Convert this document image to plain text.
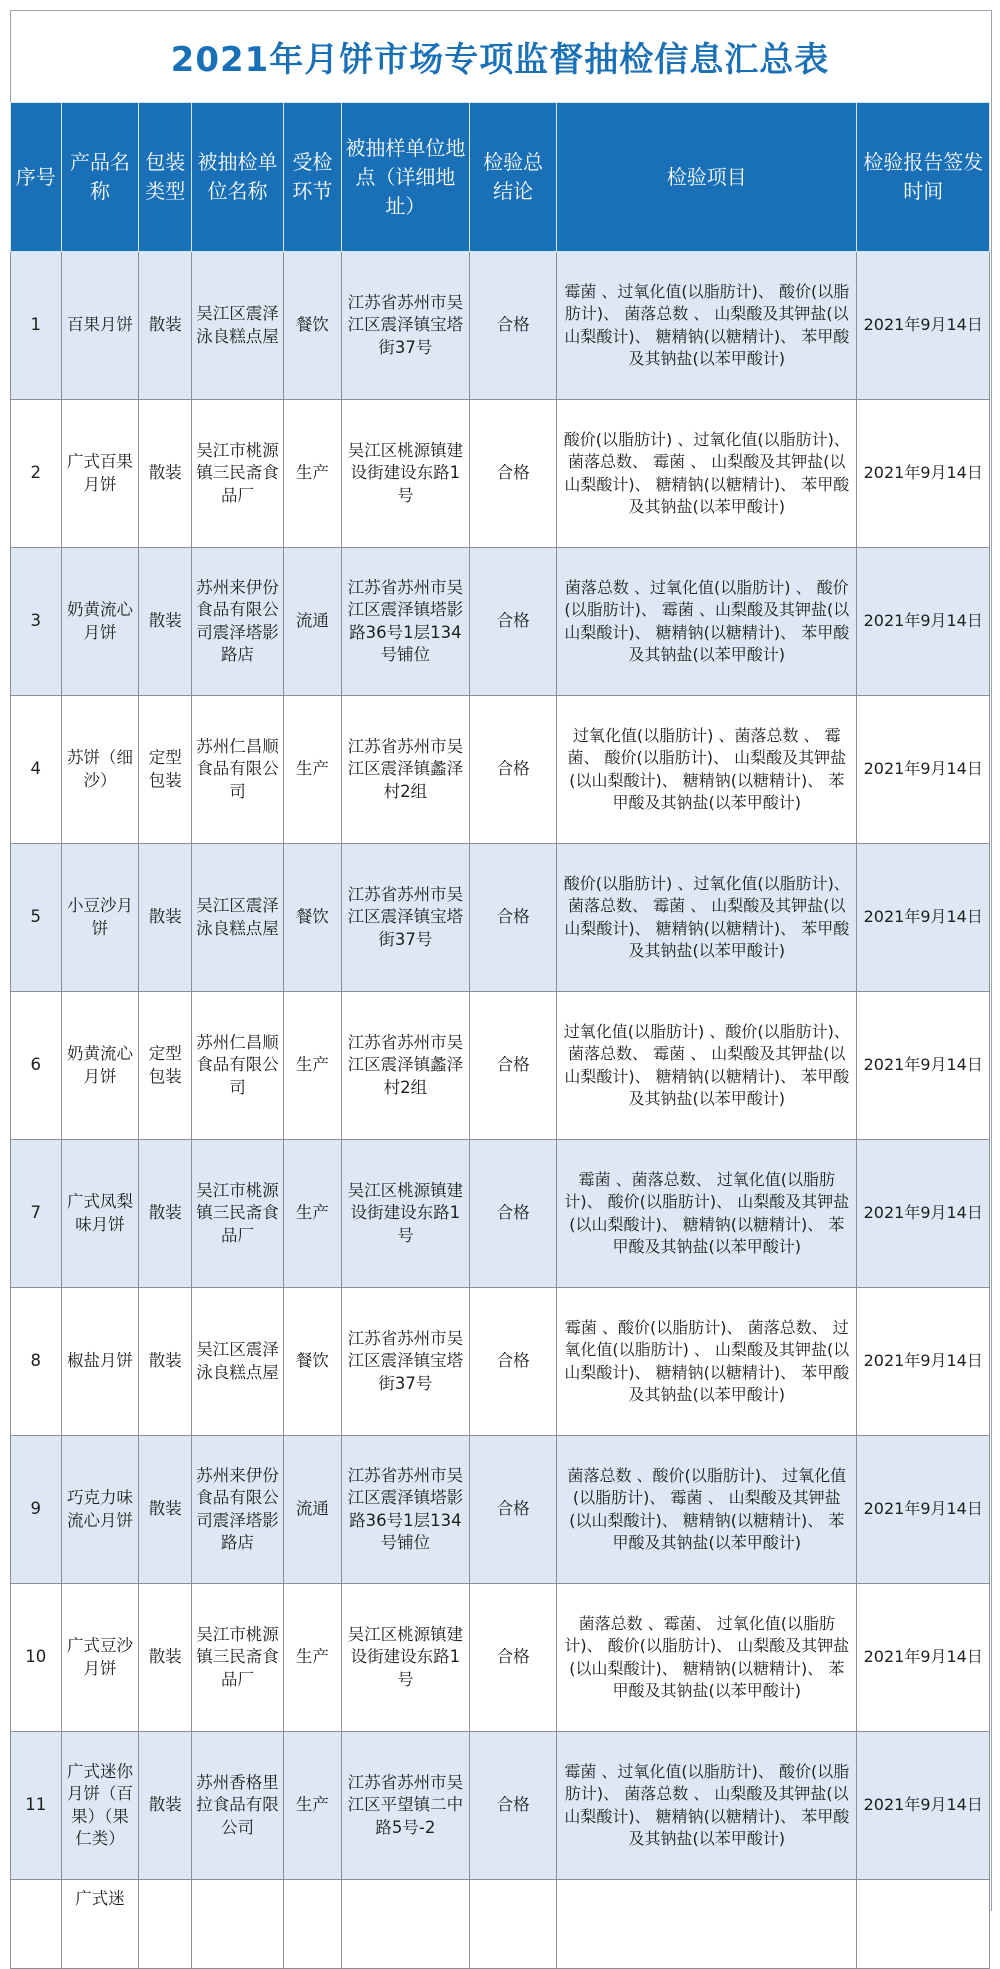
2021年月饼市场专项监督抽检信息汇总表
序号	产品名称	包装类型	被抽检单位名称	受检环节	被抽样单位地点（详细地址）	检验总结论	检验项目	检验报告签发时间
1	百果月饼	散装	吴江区震泽泳良糕点屋	餐饮	江苏省苏州市吴江区震泽镇宝塔街37号	合格	霉菌 、过氧化值(以脂肪计)、 酸价(以脂肪计)、 菌落总数 、 山梨酸及其钾盐(以山梨酸计)、 糖精钠(以糖精计)、 苯甲酸及其钠盐(以苯甲酸计)	2021年9月14日
2	广式百果月饼	散装	吴江市桃源镇三民斋食品厂	生产	吴江区桃源镇建设街建设东路1号	合格	酸价(以脂肪计) 、过氧化值(以脂肪计)、 菌落总数、 霉菌 、 山梨酸及其钾盐(以山梨酸计)、 糖精钠(以糖精计)、 苯甲酸及其钠盐(以苯甲酸计)	2021年9月14日
3	奶黄流心月饼	散装	苏州来伊份食品有限公司震泽塔影路店	流通	江苏省苏州市吴江区震泽镇塔影路36号1层134号铺位	合格	菌落总数 、过氧化值(以脂肪计) 、 酸价(以脂肪计)、 霉菌 、山梨酸及其钾盐(以山梨酸计)、 糖精钠(以糖精计)、 苯甲酸及其钠盐(以苯甲酸计)	2021年9月14日
4	苏饼（细沙）	定型包装	苏州仁昌顺食品有限公司	生产	江苏省苏州市吴江区震泽镇蠡泽村2组	合格	过氧化值(以脂肪计) 、菌落总数 、 霉菌、 酸价(以脂肪计)、 山梨酸及其钾盐(以山梨酸计)、 糖精钠(以糖精计)、 苯甲酸及其钠盐(以苯甲酸计)	2021年9月14日
5	小豆沙月饼	散装	吴江区震泽泳良糕点屋	餐饮	江苏省苏州市吴江区震泽镇宝塔街37号	合格	酸价(以脂肪计) 、过氧化值(以脂肪计)、 菌落总数、 霉菌 、 山梨酸及其钾盐(以山梨酸计)、 糖精钠(以糖精计)、 苯甲酸及其钠盐(以苯甲酸计)	2021年9月14日
6	奶黄流心月饼	定型包装	苏州仁昌顺食品有限公司	生产	江苏省苏州市吴江区震泽镇蠡泽村2组	合格	过氧化值(以脂肪计) 、酸价(以脂肪计)、 菌落总数、 霉菌 、 山梨酸及其钾盐(以山梨酸计)、 糖精钠(以糖精计)、 苯甲酸及其钠盐(以苯甲酸计)	2021年9月14日
7	广式凤梨味月饼	散装	吴江市桃源镇三民斋食品厂	生产	吴江区桃源镇建设街建设东路1号	合格	霉菌 、菌落总数、 过氧化值(以脂肪计)、 酸价(以脂肪计)、 山梨酸及其钾盐(以山梨酸计)、 糖精钠(以糖精计)、 苯甲酸及其钠盐(以苯甲酸计)	2021年9月14日
8	椒盐月饼	散装	吴江区震泽泳良糕点屋	餐饮	江苏省苏州市吴江区震泽镇宝塔街37号	合格	霉菌 、酸价(以脂肪计)、 菌落总数、 过氧化值(以脂肪计) 、 山梨酸及其钾盐(以山梨酸计)、 糖精钠(以糖精计)、 苯甲酸及其钠盐(以苯甲酸计)	2021年9月14日
9	巧克力味流心月饼	散装	苏州来伊份食品有限公司震泽塔影路店	流通	江苏省苏州市吴江区震泽镇塔影路36号1层134号铺位	合格	菌落总数 、酸价(以脂肪计)、 过氧化值(以脂肪计)、 霉菌 、 山梨酸及其钾盐(以山梨酸计)、 糖精钠(以糖精计)、 苯甲酸及其钠盐(以苯甲酸计)	2021年9月14日
10	广式豆沙月饼	散装	吴江市桃源镇三民斋食品厂	生产	吴江区桃源镇建设街建设东路1号	合格	菌落总数 、霉菌、 过氧化值(以脂肪计)、 酸价(以脂肪计)、 山梨酸及其钾盐(以山梨酸计)、 糖精钠(以糖精计)、 苯甲酸及其钠盐(以苯甲酸计)	2021年9月14日
11	广式迷你月饼（百果）（果仁类）	散装	苏州香格里拉食品有限公司	生产	江苏省苏州市吴江区平望镇二中路5号-2	合格	霉菌 、过氧化值(以脂肪计)、 酸价(以脂肪计)、 菌落总数 、 山梨酸及其钾盐(以山梨酸计)、 糖精钠(以糖精计)、 苯甲酸及其钠盐(以苯甲酸计)	2021年9月14日
	广式迷							
